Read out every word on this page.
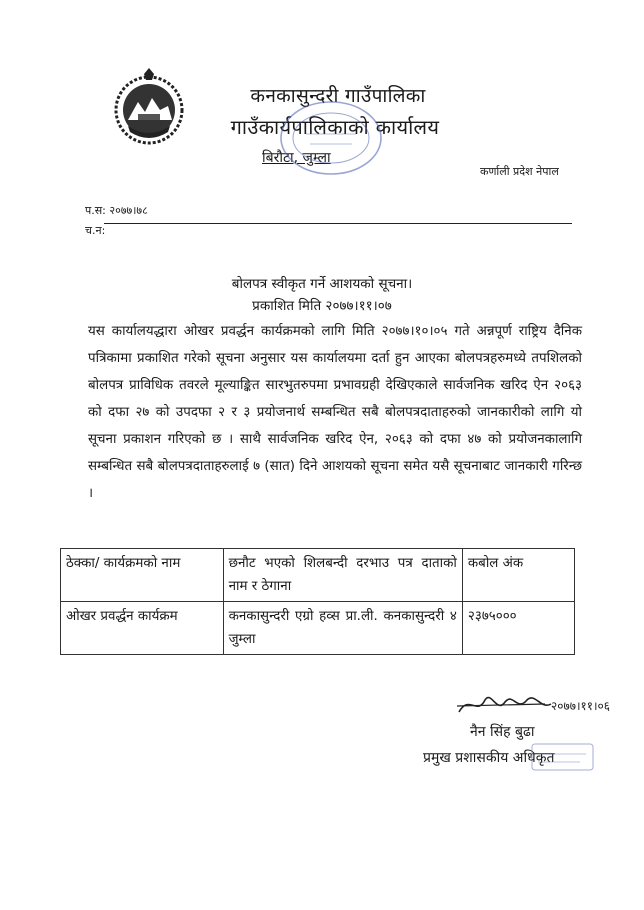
कनकासुन्दरी गाउँपालिका
गाउँकार्यपालिकाको कार्यालय
बिरौटा, जुम्ला
कर्णाली प्रदेश नेपाल
प.स: २०७७।७८
च.न:
बोलपत्र स्वीकृत गर्ने आशयको सूचना।
प्रकाशित मिति २०७७।११।०७
यस कार्यालयद्धारा ओखर प्रवर्द्धन कार्यक्रमको लागि मिति २०७७।१०।०५ गते अन्नपूर्ण राष्ट्रिय दैनिक पत्रिकामा प्रकाशित गरेको सूचना अनुसार यस कार्यालयमा दर्ता हुन आएका बोलपत्रहरुमध्ये तपशिलको बोलपत्र प्राविधिक तवरले मूल्याङ्कित सारभुतरुपमा प्रभावग्रही देखिएकाले सार्वजनिक खरिद ऐन २०६३ को दफा २७ को उपदफा २ र ३ प्रयोजनार्थ सम्बन्धित सबै बोलपत्रदाताहरुको जानकारीको लागि यो सूचना प्रकाशन गरिएको छ । साथै सार्वजनिक खरिद ऐन, २०६३ को दफा ४७ को प्रयोजनकालागि सम्बन्धित सबै बोलपत्रदाताहरुलाई ७ (सात) दिने आशयको सूचना समेत यसै सूचनाबाट जानकारी गरिन्छ ।
ठेक्का/ कार्यक्रमको नाम	छनौट भएको शिलबन्दी दरभाउ पत्र दाताको नाम र ठेगाना	कबोल अंक
ओखर प्रवर्द्धन कार्यक्रम	कनकासुन्दरी एग्रो हव्स प्रा.ली. कनकासुन्दरी ४ जुम्ला	२३७५०००
२०७७।११।०६
नैन सिंह बुढा
प्रमुख प्रशासकीय अधिकृत
